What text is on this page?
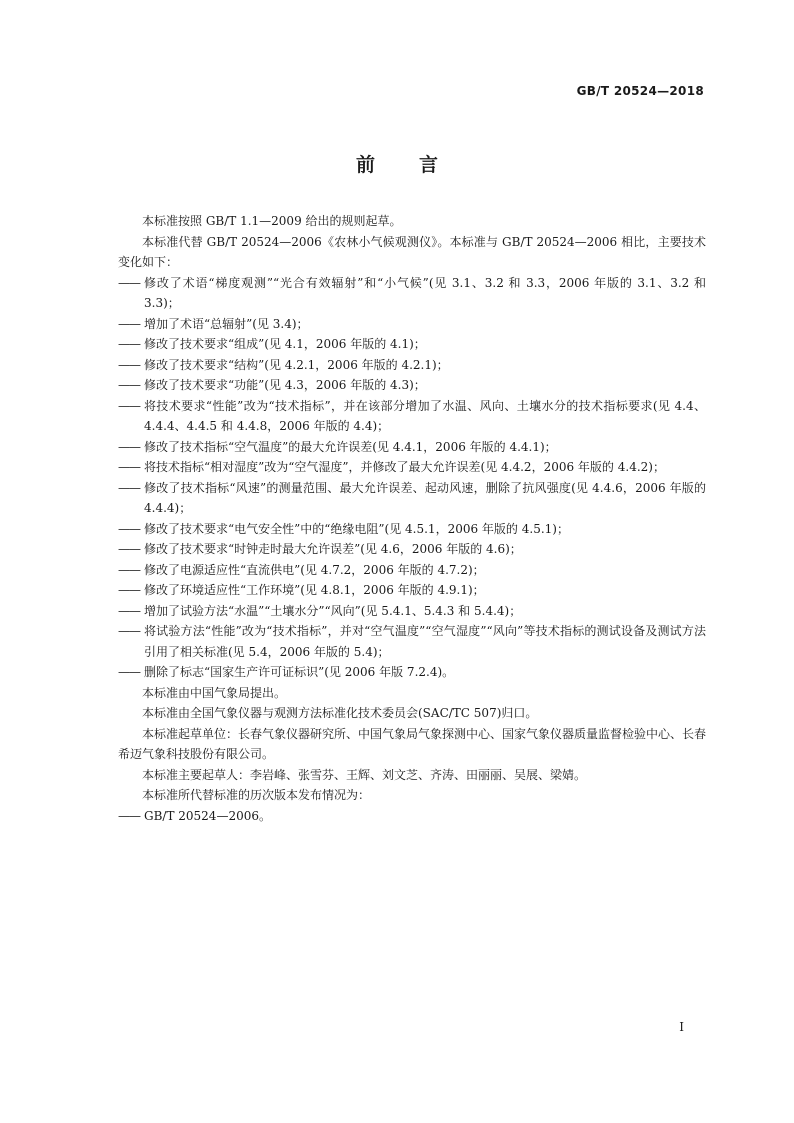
GB/T 20524—2018
前言

本标准按照 GB/T 1.1—2009 给出的规则起草。

本标准代替 GB/T 20524—2006《农林小气候观测仪》。本标准与 GB/T 20524—2006 相比，主要技术变化如下：

—— 修改了术语“梯度观测”“光合有效辐射”和“小气候”(见 3.1、3.2 和 3.3，2006 年版的 3.1、3.2 和 3.3)；
—— 增加了术语“总辐射”(见 3.4)；
—— 修改了技术要求“组成”(见 4.1，2006 年版的 4.1)；
—— 修改了技术要求“结构”(见 4.2.1，2006 年版的 4.2.1)；
—— 修改了技术要求“功能”(见 4.3，2006 年版的 4.3)；
—— 将技术要求“性能”改为“技术指标”，并在该部分增加了水温、风向、土壤水分的技术指标要求(见 4.4、4.4.4、4.4.5 和 4.4.8，2006 年版的 4.4)；
—— 修改了技术指标“空气温度”的最大允许误差(见 4.4.1，2006 年版的 4.4.1)；
—— 将技术指标“相对湿度”改为“空气湿度”，并修改了最大允许误差(见 4.4.2，2006 年版的 4.4.2)；
—— 修改了技术指标“风速”的测量范围、最大允许误差、起动风速，删除了抗风强度(见 4.4.6，2006 年版的 4.4.4)；
—— 修改了技术要求“电气安全性”中的“绝缘电阻”(见 4.5.1，2006 年版的 4.5.1)；
—— 修改了技术要求“时钟走时最大允许误差”(见 4.6，2006 年版的 4.6)；
—— 修改了电源适应性“直流供电”(见 4.7.2，2006 年版的 4.7.2)；
—— 修改了环境适应性“工作环境”(见 4.8.1，2006 年版的 4.9.1)；
—— 增加了试验方法“水温”“土壤水分”“风向”(见 5.4.1、5.4.3 和 5.4.4)；
—— 将试验方法“性能”改为“技术指标”，并对“空气温度”“空气湿度”“风向”等技术指标的测试设备及测试方法引用了相关标准(见 5.4，2006 年版的 5.4)；
—— 删除了标志“国家生产许可证标识”(见 2006 年版 7.2.4)。

本标准由中国气象局提出。

本标准由全国气象仪器与观测方法标准化技术委员会(SAC/TC 507)归口。

本标准起草单位：长春气象仪器研究所、中国气象局气象探测中心、国家气象仪器质量监督检验中心、长春希迈气象科技股份有限公司。

本标准主要起草人：李岩峰、张雪芬、王辉、刘文芝、齐涛、田丽丽、吴展、梁婧。

本标准所代替标准的历次版本发布情况为：

—— GB/T 20524—2006。
I
